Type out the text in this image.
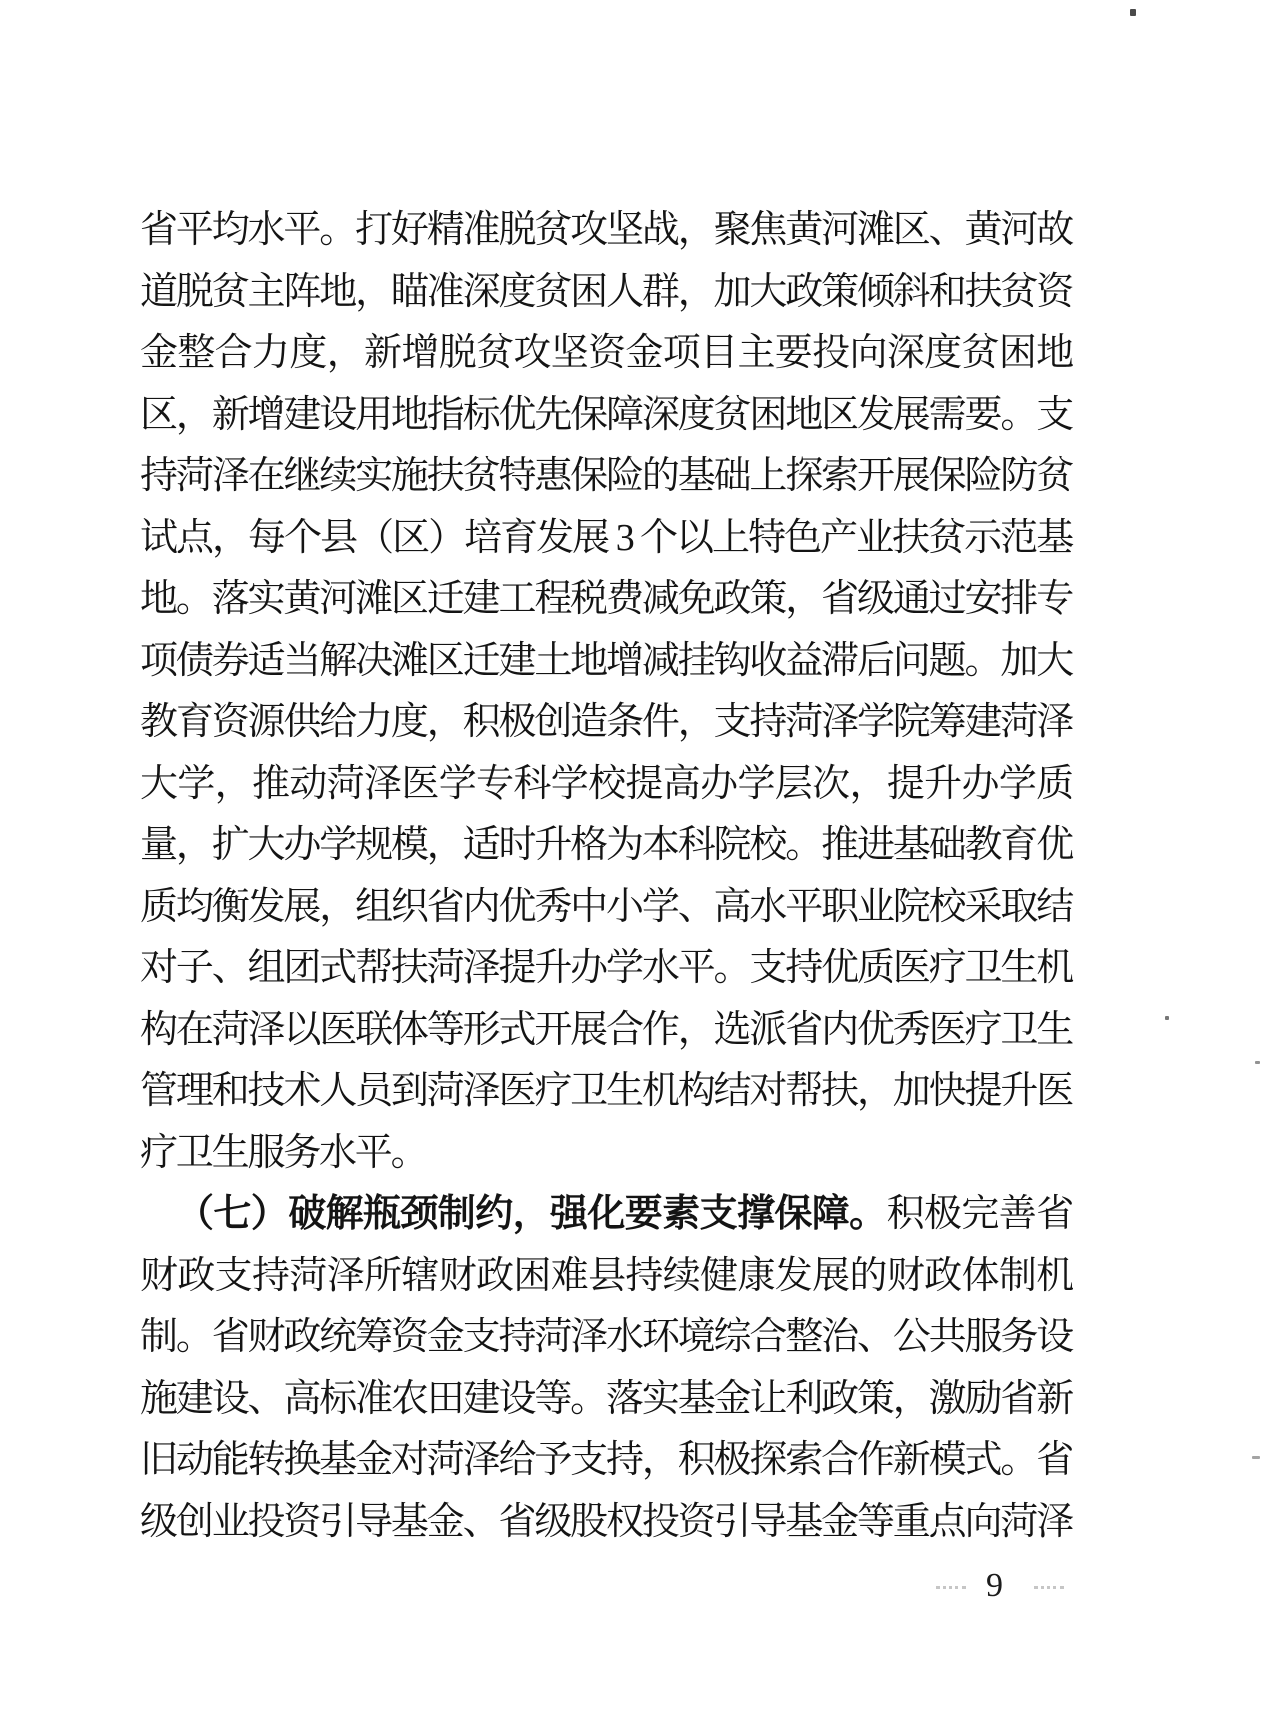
省平均水平。打好精准脱贫攻坚战，聚焦黄河滩区、黄河故
道脱贫主阵地，瞄准深度贫困人群，加大政策倾斜和扶贫资
金整合力度，新增脱贫攻坚资金项目主要投向深度贫困地
区，新增建设用地指标优先保障深度贫困地区发展需要。支
持菏泽在继续实施扶贫特惠保险的基础上探索开展保险防贫
试点，每个县（区）培育发展 3 个以上特色产业扶贫示范基
地。落实黄河滩区迁建工程税费减免政策，省级通过安排专
项债券适当解决滩区迁建土地增减挂钩收益滞后问题。加大
教育资源供给力度，积极创造条件，支持菏泽学院筹建菏泽
大学，推动菏泽医学专科学校提高办学层次，提升办学质
量，扩大办学规模，适时升格为本科院校。推进基础教育优
质均衡发展，组织省内优秀中小学、高水平职业院校采取结
对子、组团式帮扶菏泽提升办学水平。支持优质医疗卫生机
构在菏泽以医联体等形式开展合作，选派省内优秀医疗卫生
管理和技术人员到菏泽医疗卫生机构结对帮扶，加快提升医
疗卫生服务水平。
（七）破解瓶颈制约，强化要素支撑保障。积极完善省
财政支持菏泽所辖财政困难县持续健康发展的财政体制机
制。省财政统筹资金支持菏泽水环境综合整治、公共服务设
施建设、高标准农田建设等。落实基金让利政策，激励省新
旧动能转换基金对菏泽给予支持，积极探索合作新模式。省
级创业投资引导基金、省级股权投资引导基金等重点向菏泽
9
